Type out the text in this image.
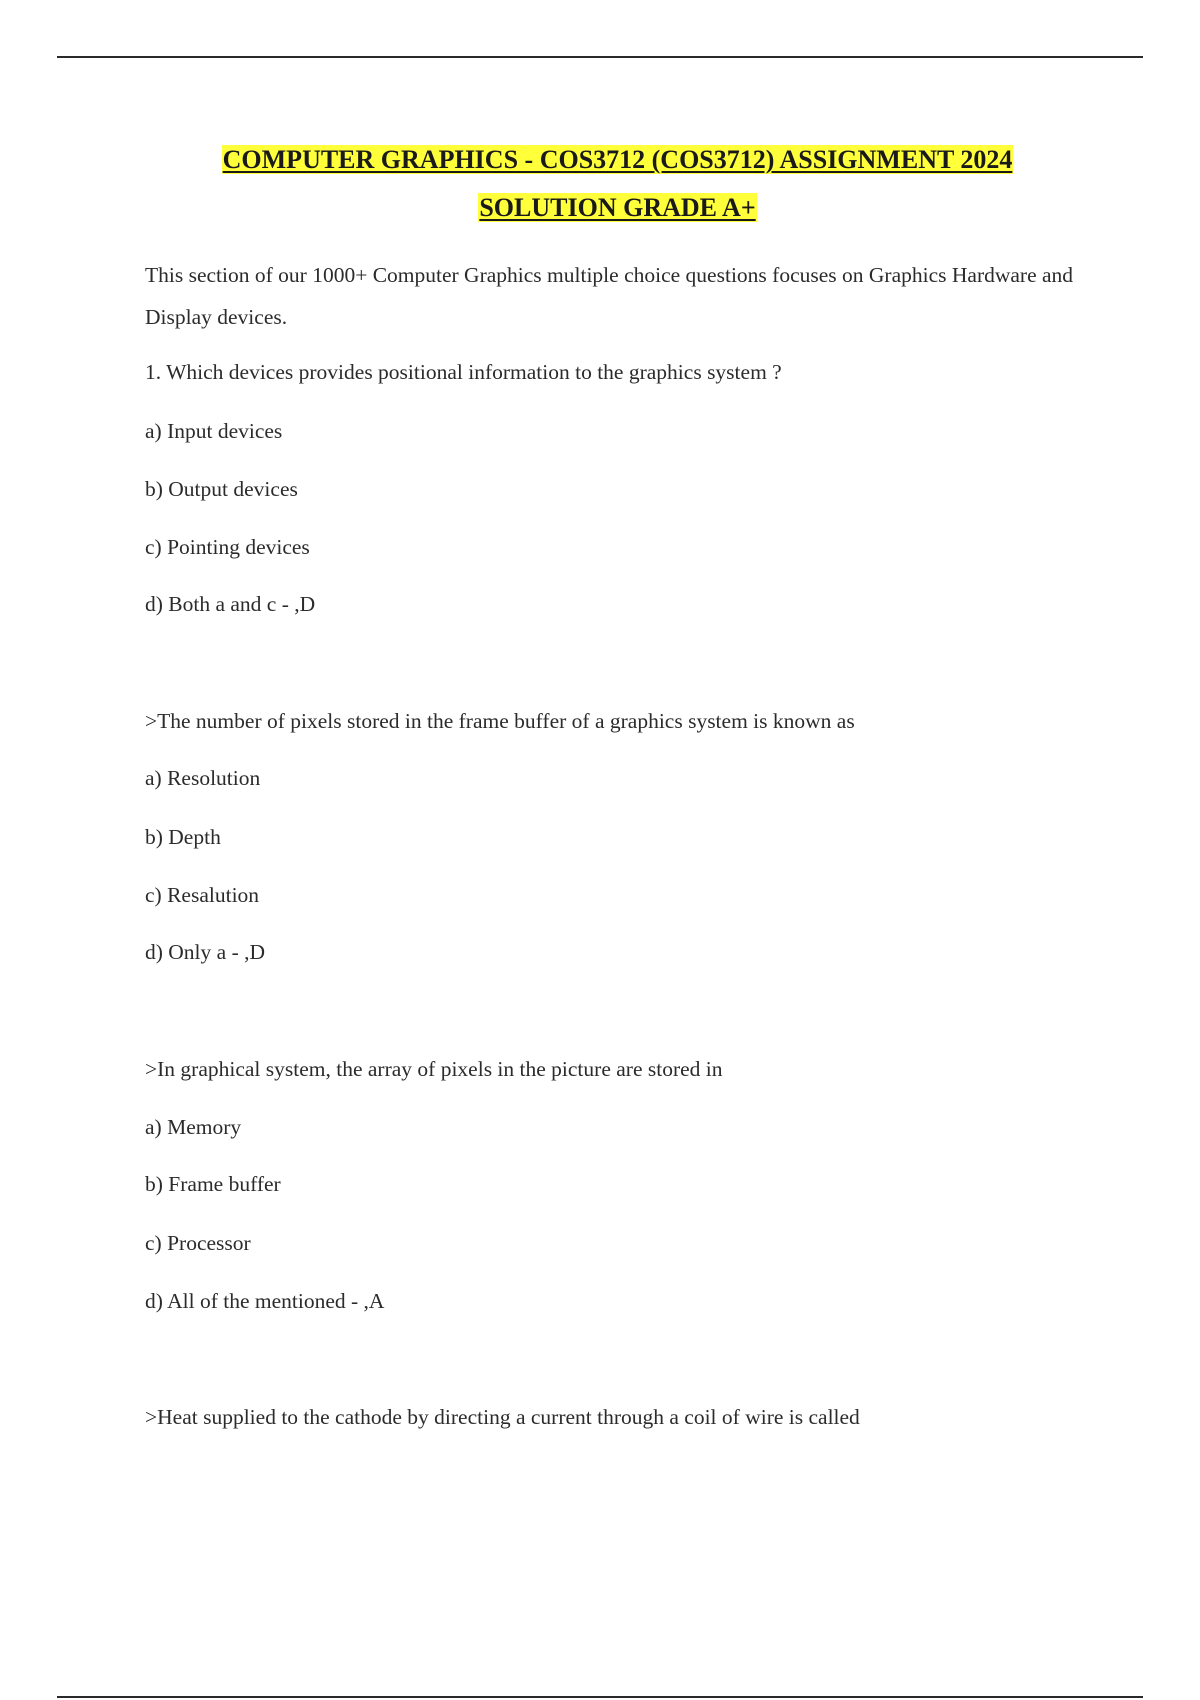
COMPUTER GRAPHICS - COS3712 (COS3712) ASSIGNMENT 2024
SOLUTION GRADE A+

This section of our 1000+ Computer Graphics multiple choice questions focuses on Graphics Hardware and Display devices.

1. Which devices provides positional information to the graphics system ?

a) Input devices

b) Output devices

c) Pointing devices

d) Both a and c - ,D

>The number of pixels stored in the frame buffer of a graphics system is known as

a) Resolution

b) Depth

c) Resalution

d) Only a - ,D

>In graphical system, the array of pixels in the picture are stored in

a) Memory

b) Frame buffer

c) Processor

d) All of the mentioned - ,A

>Heat supplied to the cathode by directing a current through a coil of wire is called
